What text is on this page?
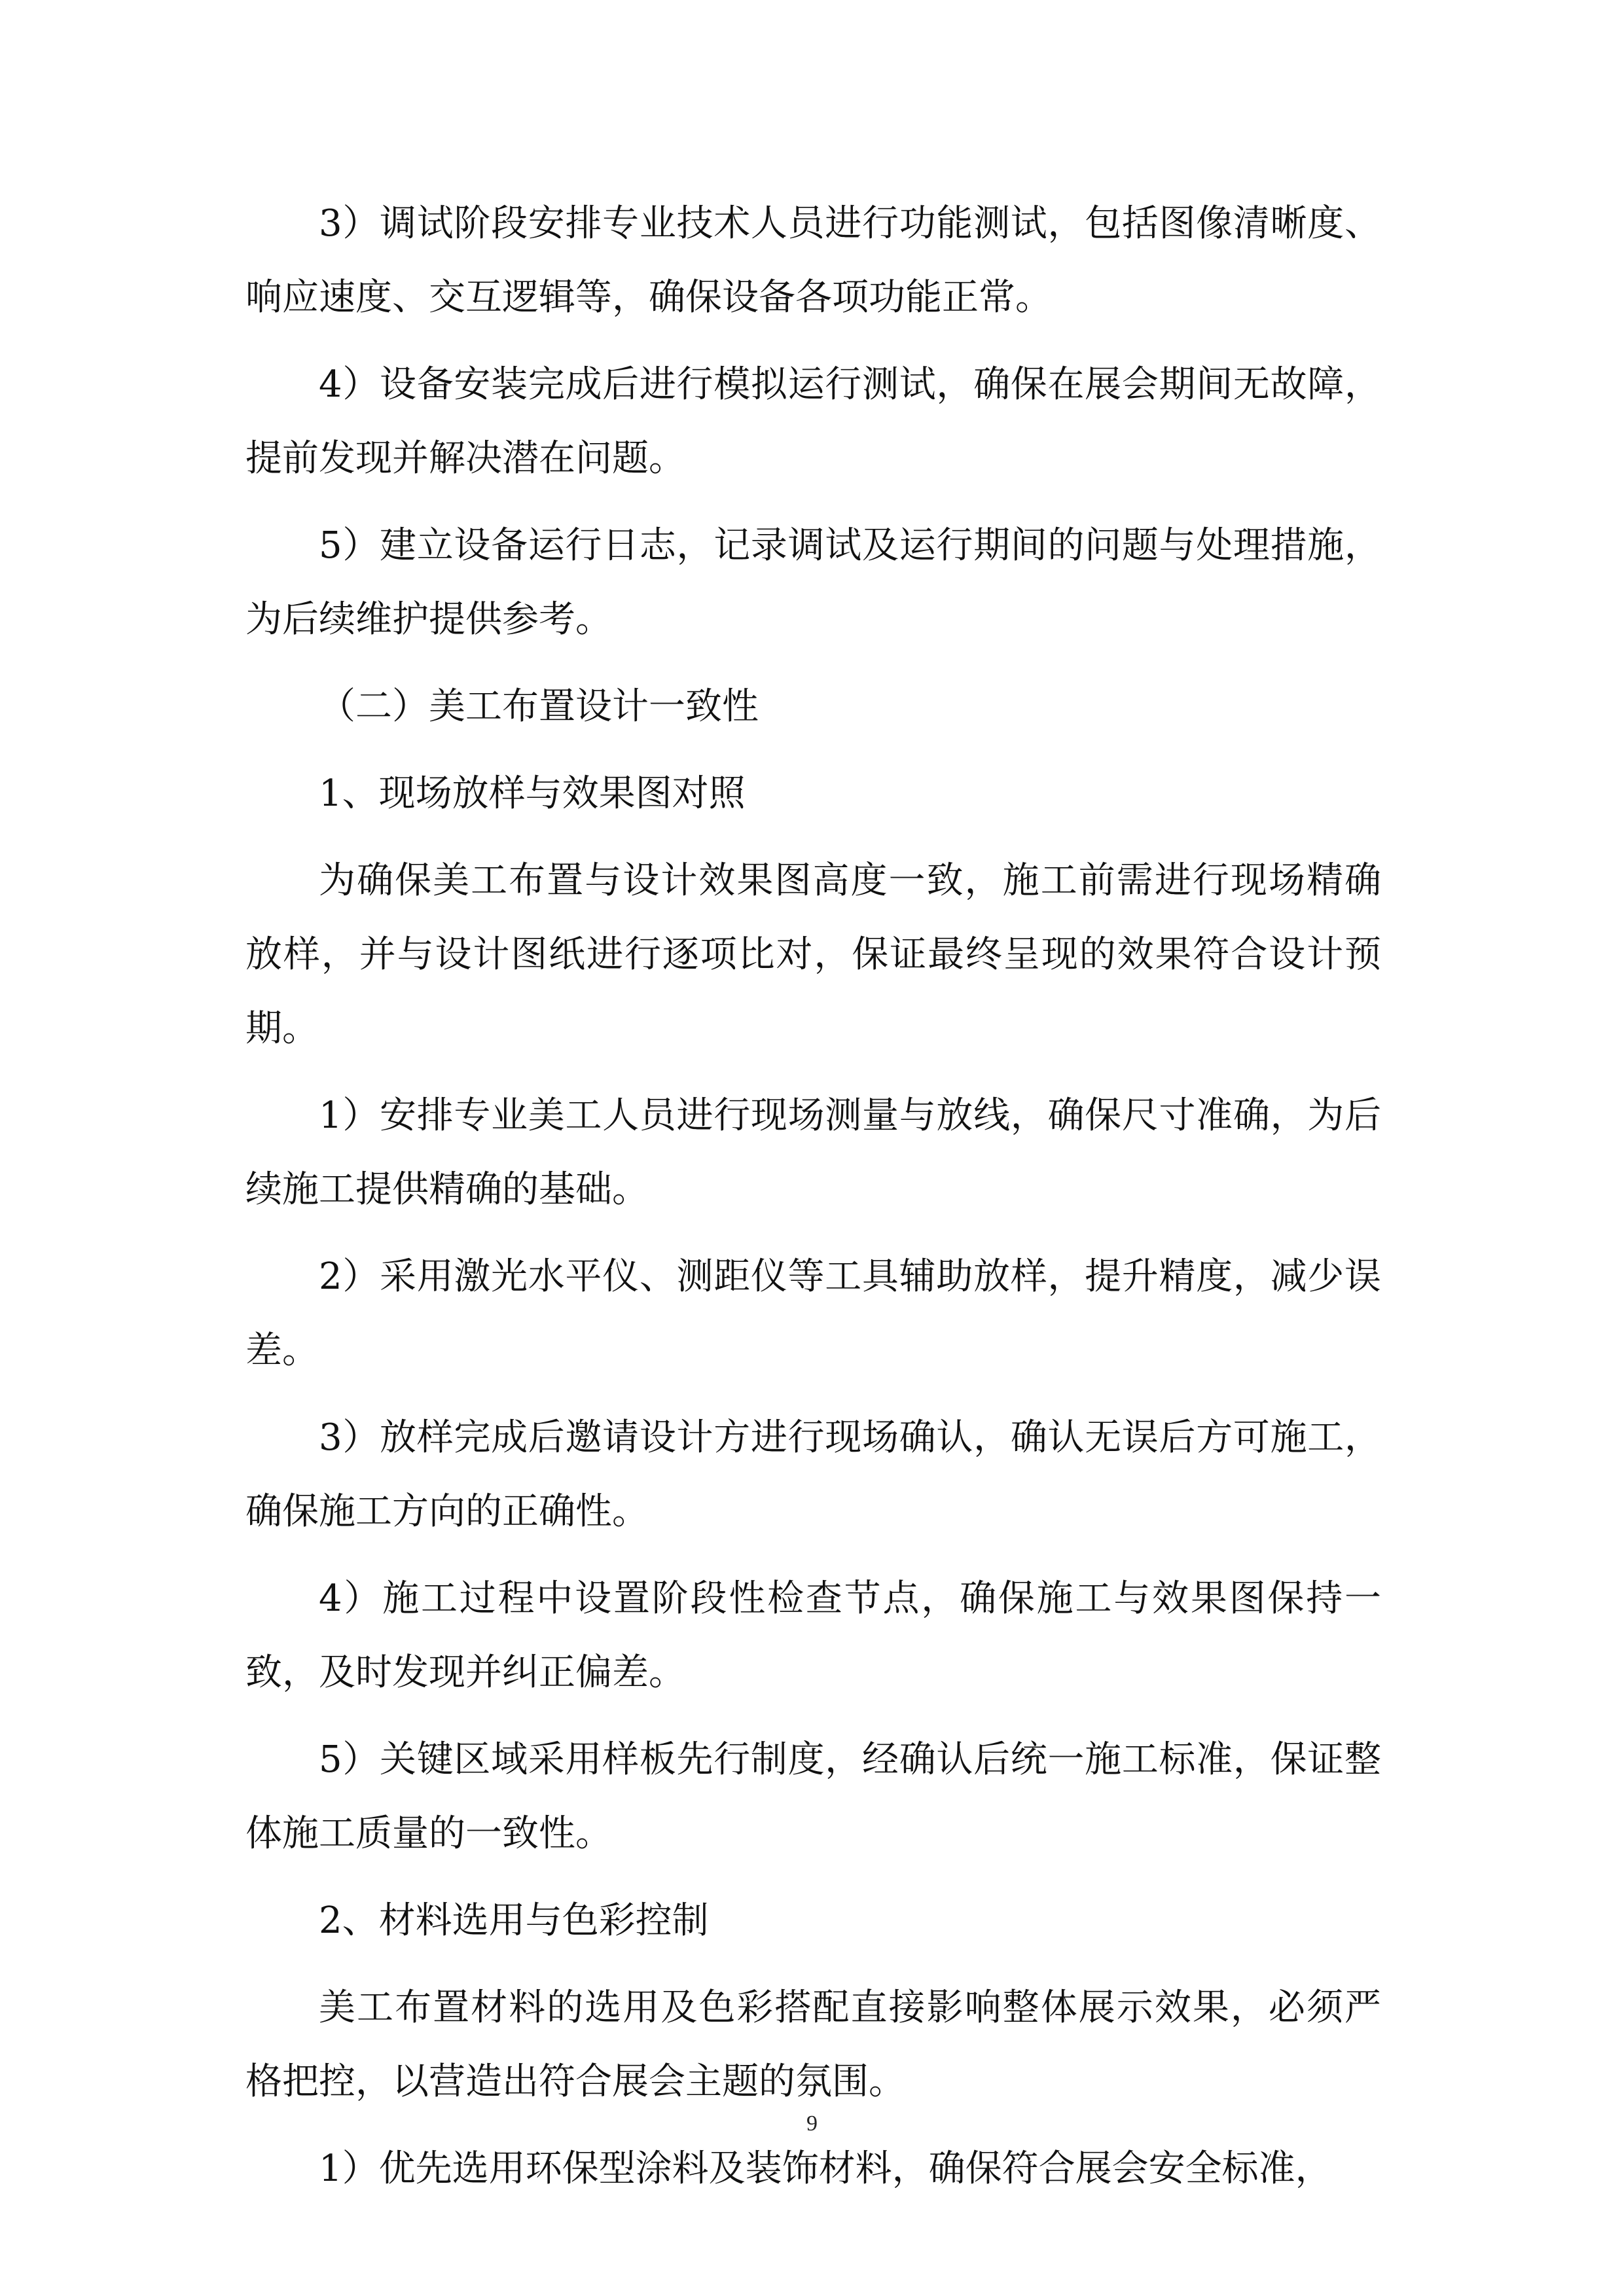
3）调试阶段安排专业技术人员进行功能测试，包括图像清晰度、响应速度、交互逻辑等，确保设备各项功能正常。

4）设备安装完成后进行模拟运行测试，确保在展会期间无故障，提前发现并解决潜在问题。

5）建立设备运行日志，记录调试及运行期间的问题与处理措施，为后续维护提供参考。

（二）美工布置设计一致性

1、现场放样与效果图对照

为确保美工布置与设计效果图高度一致，施工前需进行现场精确放样，并与设计图纸进行逐项比对，保证最终呈现的效果符合设计预期。

1）安排专业美工人员进行现场测量与放线，确保尺寸准确，为后续施工提供精确的基础。

2）采用激光水平仪、测距仪等工具辅助放样，提升精度，减少误差。

3）放样完成后邀请设计方进行现场确认，确认无误后方可施工，确保施工方向的正确性。

4）施工过程中设置阶段性检查节点，确保施工与效果图保持一致，及时发现并纠正偏差。

5）关键区域采用样板先行制度，经确认后统一施工标准，保证整体施工质量的一致性。

2、材料选用与色彩控制

美工布置材料的选用及色彩搭配直接影响整体展示效果，必须严格把控，以营造出符合展会主题的氛围。

1）优先选用环保型涂料及装饰材料，确保符合展会安全标准，

9
